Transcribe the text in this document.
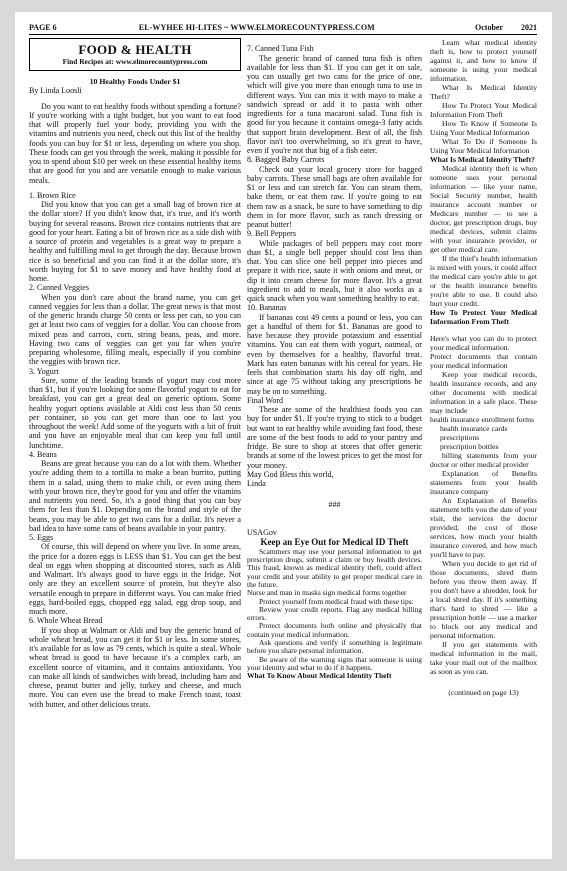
PAGE 6	EL-WYHEE HI-LITES ~ WWW.ELMORECOUNTYPRESS.COM	October 2021
FOOD & HEALTH
Find Recipes at: www.elmorecountypress.com

10 Healthy Foods Under $1

By Linda Loosli

Do you want to eat healthy foods without spending a fortune? If you're working with a tight budget, but you want to eat food that will properly fuel your body, providing you with the vitamins and nutrients you need, check out this list of the healthy foods you can buy for $1 or less, depending on where you shop. These foods can get you through the week, making it possible for you to spend about $10 per week on these essential healthy items that are good for you and are versatile enough to make various meals.

1. Brown Rice

Did you know that you can get a small bag of brown rice at the dollar store? If you didn't know that, it's true, and it's worth buying for several reasons. Brown rice contains nutrients that are good for your heart. Eating a bit of brown rice as a side dish with a source of protein and vegetables is a great way to prepare a healthy and fulfilling meal to get through the day. Because brown rice is so beneficial and you can find it at the dollar store, it's worth buying for $1 to save money and have healthy food at home.

2. Canned Veggies

When you don't care about the brand name, you can get canned veggies for less than a dollar. The great news is that most of the generic brands charge 50 cents or less per can, so you can get at least two cans of veggies for a dollar. You can choose from mixed peas and carrots, corn, string beans, peas, and more. Having two cans of veggies can get you far when you're preparing wholesome, filling meals, especially if you combine the veggies with brown rice.

3. Yogurt

Sure, some of the leading brands of yogurt may cost more than $1, but if you're looking for some flavorful yogurt to eat for breakfast, you can get a great deal on generic options. Some healthy yogurt options available at Aldi cost less than 50 cents per container, so you can get more than one to last you throughout the week! Add some of the yogurts with a bit of fruit and you have an enjoyable meal that can keep you full until lunchtime.

4. Beans

Beans are great because you can do a lot with them. Whether you're adding them to a tortilla to make a bean burrito, putting them in a salad, using them to make chili, or even using them with your brown rice, they're good for you and offer the vitamins and nutrients you need. So, it's a good thing that you can buy them for less than $1. Depending on the brand and style of the beans, you may be able to get two cans for a dollar. It's never a bad idea to have some cans of beans available in your pantry.

5. Eggs

Of course, this will depend on where you live. In some areas, the price for a dozen eggs is LESS than $1. You can get the best deal on eggs when shopping at discounted stores, such as Aldi and Walmart. It's always good to have eggs in the fridge. Not only are they an excellent source of protein, but they're also versatile enough to prepare in different ways. You can make fried eggs, hard-boiled eggs, chopped egg salad, egg drop soup, and much more.

6. Whole Wheat Bread

If you shop at Walmart or Aldi and buy the generic brand of whole wheat bread, you can get it for $1 or less. In some stores, it's available for as low as 79 cents, which is quite a steal. Whole wheat bread is good to have because it's a complex carb, an excellent source of vitamins, and it contains antioxidants. You can make all kinds of sandwiches with bread, including ham and cheese, peanut butter and jelly, turkey and cheese, and much more. You can even use the bread to make French toast, toast with butter, and other delicious treats.

7. Canned Tuna Fish

The generic brand of canned tuna fish is often available for less than $1. If you can get it on sale, you can usually get two cans for the price of one, which will give you more than enough tuna to use in different ways. You can mix it with mayo to make a sandwich spread or add it to pasta with other ingredients for a tuna macaroni salad. Tuna fish is good for you because it contains omega-3 fatty acids that support brain development. Best of all, the fish flavor isn't too overwhelming, so it's great to have, even if you're not that big of a fish eater.

8. Bagged Baby Carrots

Check out your local grocery store for bagged baby carrots. These small bags are often available for $1 or less and can stretch far. You can steam them, bake them, or eat them raw. If you're going to eat them raw as a snack, be sure to have something to dip them in for more flavor, such as ranch dressing or peanut butter!

9. Bell Peppers

While packages of bell peppers may cost more than $1, a single bell pepper should cost less than that. You can slice one bell pepper into pieces and prepare it with rice, saute it with onions and meat, or dip it into cream cheese for more flavor. It's a great ingredient to add to meals, but it also works as a quick snack when you want something healthy to eat.

10. Bananas

If bananas cost 49 cents a pound or less, you can get a handful of them for $1. Bananas are good to have because they provide potassium and essential vitamins. You can eat them with yogurt, oatmeal, or even by themselves for a healthy, flavorful treat. Mark has eaten bananas with his cereal for years. He feels that combination starts his day off right, and since at age 75 without taking any prescriptions he may be on to something.

Final Word

These are some of the healthiest foods you can buy for under $1. If you're trying to stick to a budget but want to eat healthy while avoiding fast food, these are some of the best foods to add to your pantry and fridge. Be sure to shop at stores that offer generic brands at some of the lowest prices to get the most for your money.

May God Bless this world,

Linda

###

USAGov

Keep an Eye Out for Medical ID Theft

Scammers may use your personal information to get prescription drugs, submit a claim or buy health devices. This fraud, known as medical identity theft, could affect your credit and your ability to get proper medical care in the future.

Nurse and man in masks sign medical forms together

Protect yourself from medical fraud with these tips:

Review your credit reports. Flag any medical billing errors.

Protect documents both online and physically that contain your medical information.

Ask questions and verify if something is legitimate before you share personal information.

Be aware of the warning signs that someone is using your identity and what to do if it happens.

What To Know About Medical Identity Theft

Learn what medical identity theft is, how to protect yourself against it, and how to know if someone is using your medical information.

What Is Medical Identity Theft?

How To Protect Your Medical Information From Theft

How To Know if Someone Is Using Your Medical Information

What To Do if Someone Is Using Your Medical Information

What Is Medical Identity Theft?

Medical identity theft is when someone uses your personal information — like your name, Social Security number, health insurance account number or Medicare number — to see a doctor, get prescription drugs, buy medical devices, submit claims with your insurance provider, or get other medical care.

If the thief's health information is mixed with yours, it could affect the medical care you're able to get or the health insurance benefits you're able to use. It could also hurt your credit.

How To Protect Your Medical Information From Theft

Here's what you can do to protect your medical information.

Protect documents that contain your medical information

Keep your medical records, health insurance records, and any other documents with medical information in a safe place. These may include

health insurance enrollment forms

health insurance cards

prescriptions

prescription bottles

billing statements from your doctor or other medical provider

Explanation of Benefits statements from your health insurance company

An Explanation of Benefits statement tells you the date of your visit, the services the doctor provided, the cost of those services, how much your health insurance covered, and how much you'll have to pay.

When you decide to get rid of those documents, shred them before you throw them away. If you don't have a shredder, look for a local shred day. If it's something that's hard to shred — like a prescription bottle — use a marker to block out any medical and personal information.

If you get statements with medical information in the mail, take your mail out of the mailbox as soon as you can.

(continued on page 13)
